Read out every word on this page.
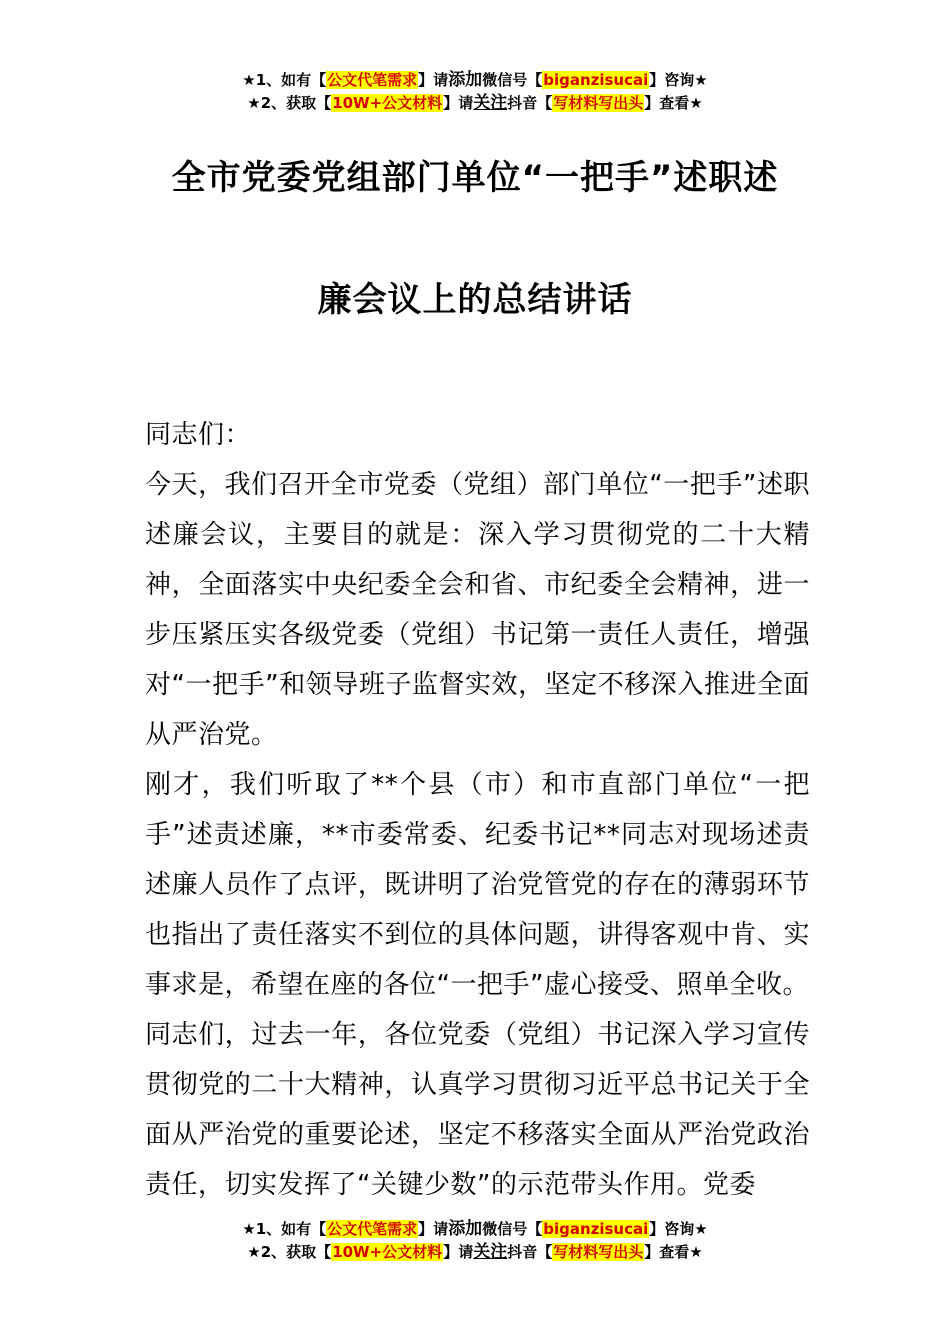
★1、如有【公文代笔需求】请添加微信号【biganzisucai】咨询★
★2、获取【10W+公文材料】请关注抖音【写材料写出头】查看★
全市党委党组部门单位“一把手”述职述
廉会议上的总结讲话

同志们：

今天，我们召开全市党委（党组）部门单位“一把手”述职述廉会议，主要目的就是：深入学习贯彻党的二十大精神，全面落实中央纪委全会和省、市纪委全会精神，进一步压紧压实各级党委（党组）书记第一责任人责任，增强对“一把手”和领导班子监督实效，坚定不移深入推进全面从严治党。

刚才，我们听取了**个县（市）和市直部门单位“一把手”述责述廉，**市委常委、纪委书记**同志对现场述责述廉人员作了点评，既讲明了治党管党的存在的薄弱环节也指出了责任落实不到位的具体问题，讲得客观中肯、实事求是，希望在座的各位“一把手”虚心接受、照单全收。

同志们，过去一年，各位党委（党组）书记深入学习宣传贯彻党的二十大精神，认真学习贯彻习近平总书记关于全面从严治党的重要论述，坚定不移落实全面从严治党政治责任，切实发挥了“关键少数”的示范带头作用。党委

★1、如有【公文代笔需求】请添加微信号【biganzisucai】咨询★
★2、获取【10W+公文材料】请关注抖音【写材料写出头】查看★
